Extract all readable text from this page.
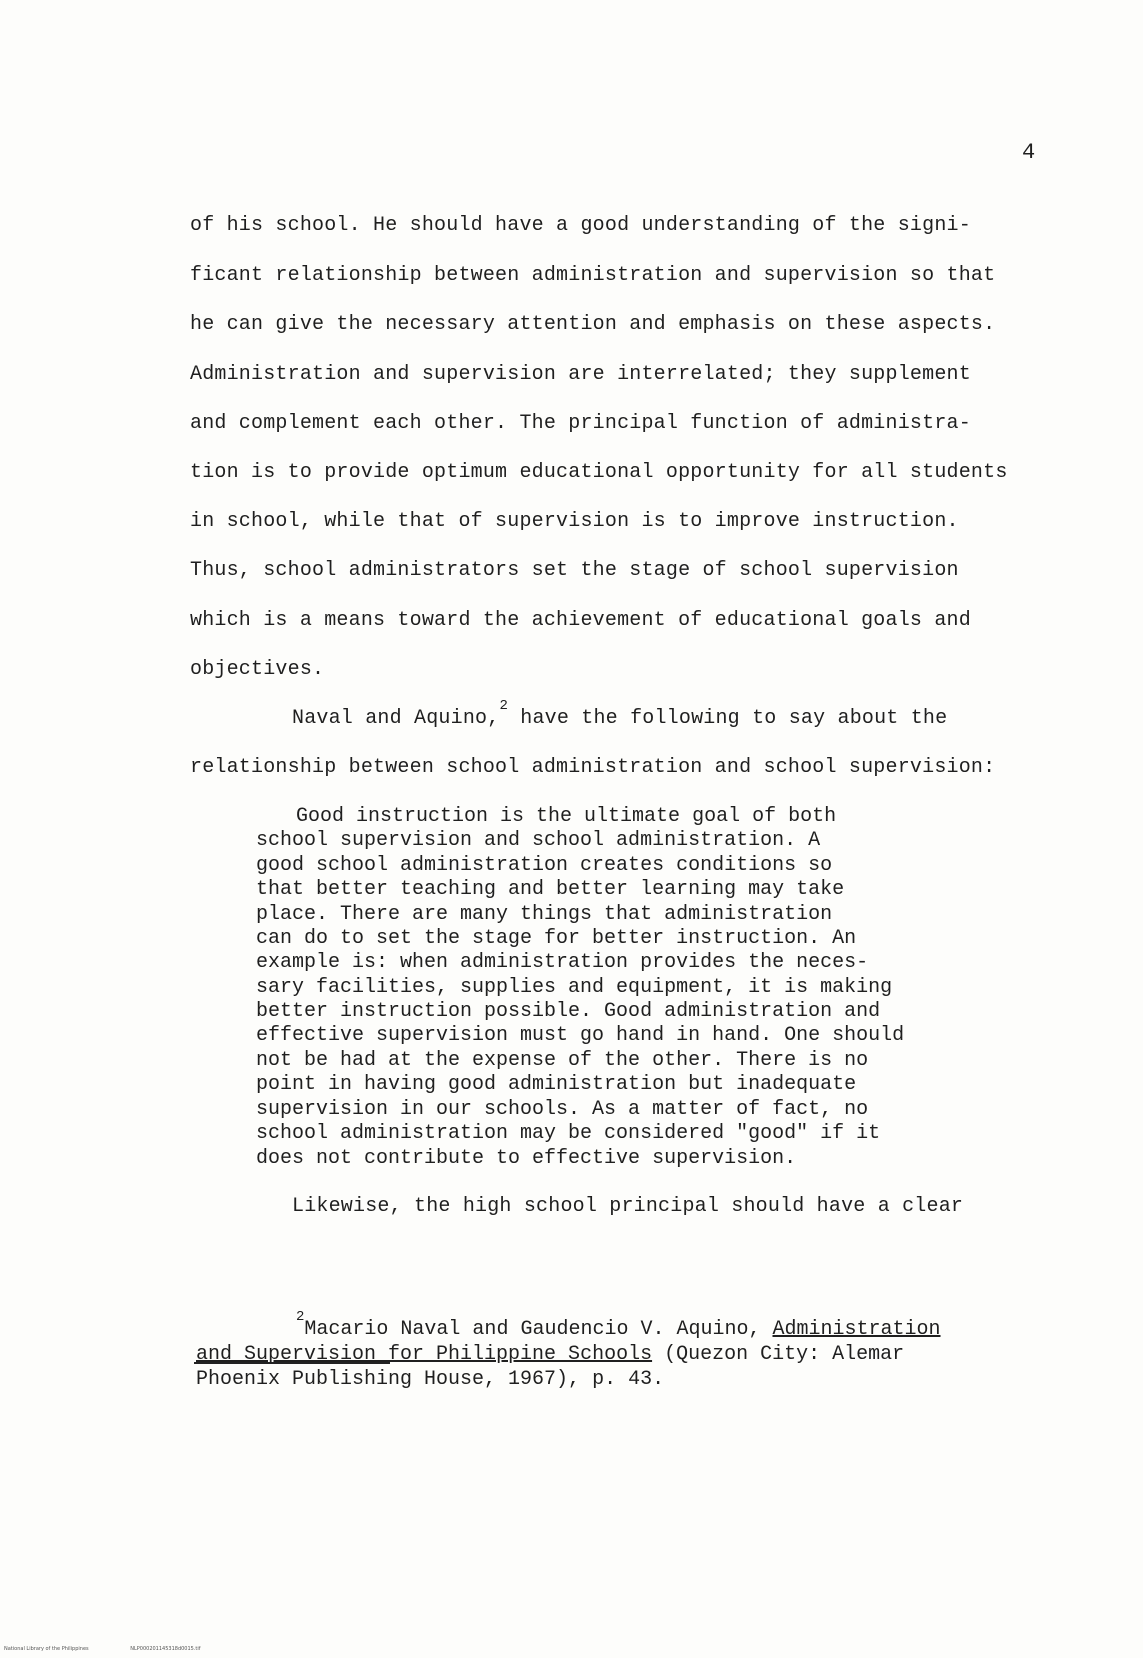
4
of his school. He should have a good understanding of the signi-
ficant relationship between administration and supervision so that
he can give the necessary attention and emphasis on these aspects.
Administration and supervision are interrelated; they supplement
and complement each other. The principal function of administra-
tion is to provide optimum educational opportunity for all students
in school, while that of supervision is to improve instruction.
Thus, school administrators set the stage of school supervision
which is a means toward the achievement of educational goals and
objectives.
Naval and Aquino,$^2$ have the following to say about the
relationship between school administration and school supervision:
Good instruction is the ultimate goal of both
school supervision and school administration. A
good school administration creates conditions so
that better teaching and better learning may take
place. There are many things that administration
can do to set the stage for better instruction. An
example is: when administration provides the neces-
sary facilities, supplies and equipment, it is making
better instruction possible. Good administration and
effective supervision must go hand in hand. One should
not be had at the expense of the other. There is no
point in having good administration but inadequate
supervision in our schools. As a matter of fact, no
school administration may be considered "good" if it
does not contribute to effective supervision.
Likewise, the high school principal should have a clear
$^2$Macario Naval and Gaudencio V. Aquino, Administration
and Supervision for Philippine Schools (Quezon City: Alemar
Phoenix Publishing House, 1967), p. 43.
National Library of the Philippines	NLP000201145318d0015.tif
